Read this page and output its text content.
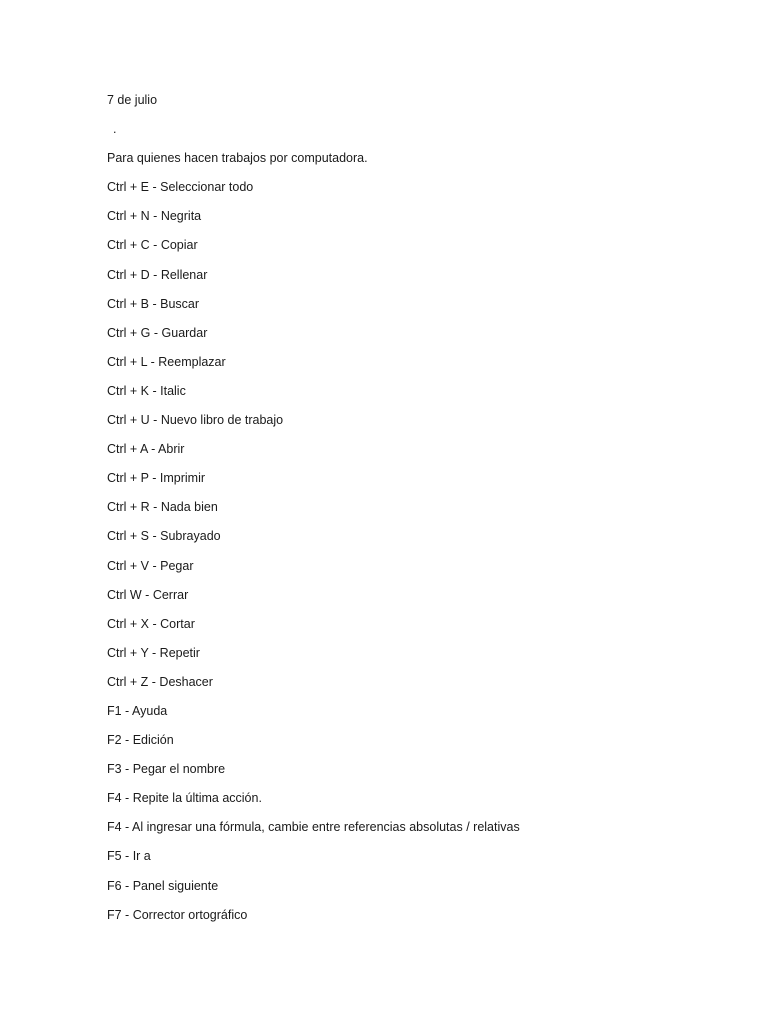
7 de julio
.
Para quienes hacen trabajos por computadora.
Ctrl + E - Seleccionar todo
Ctrl + N - Negrita
Ctrl + C - Copiar
Ctrl + D - Rellenar
Ctrl + B - Buscar
Ctrl + G - Guardar
Ctrl + L - Reemplazar
Ctrl + K - Italic
Ctrl + U - Nuevo libro de trabajo
Ctrl + A - Abrir
Ctrl + P - Imprimir
Ctrl + R - Nada bien
Ctrl + S - Subrayado
Ctrl + V - Pegar
Ctrl W - Cerrar
Ctrl + X - Cortar
Ctrl + Y - Repetir
Ctrl + Z - Deshacer
F1 - Ayuda
F2 - Edición
F3 - Pegar el nombre
F4 - Repite la última acción.
F4 - Al ingresar una fórmula, cambie entre referencias absolutas / relativas
F5 - Ir a
F6 - Panel siguiente
F7 - Corrector ortográfico
